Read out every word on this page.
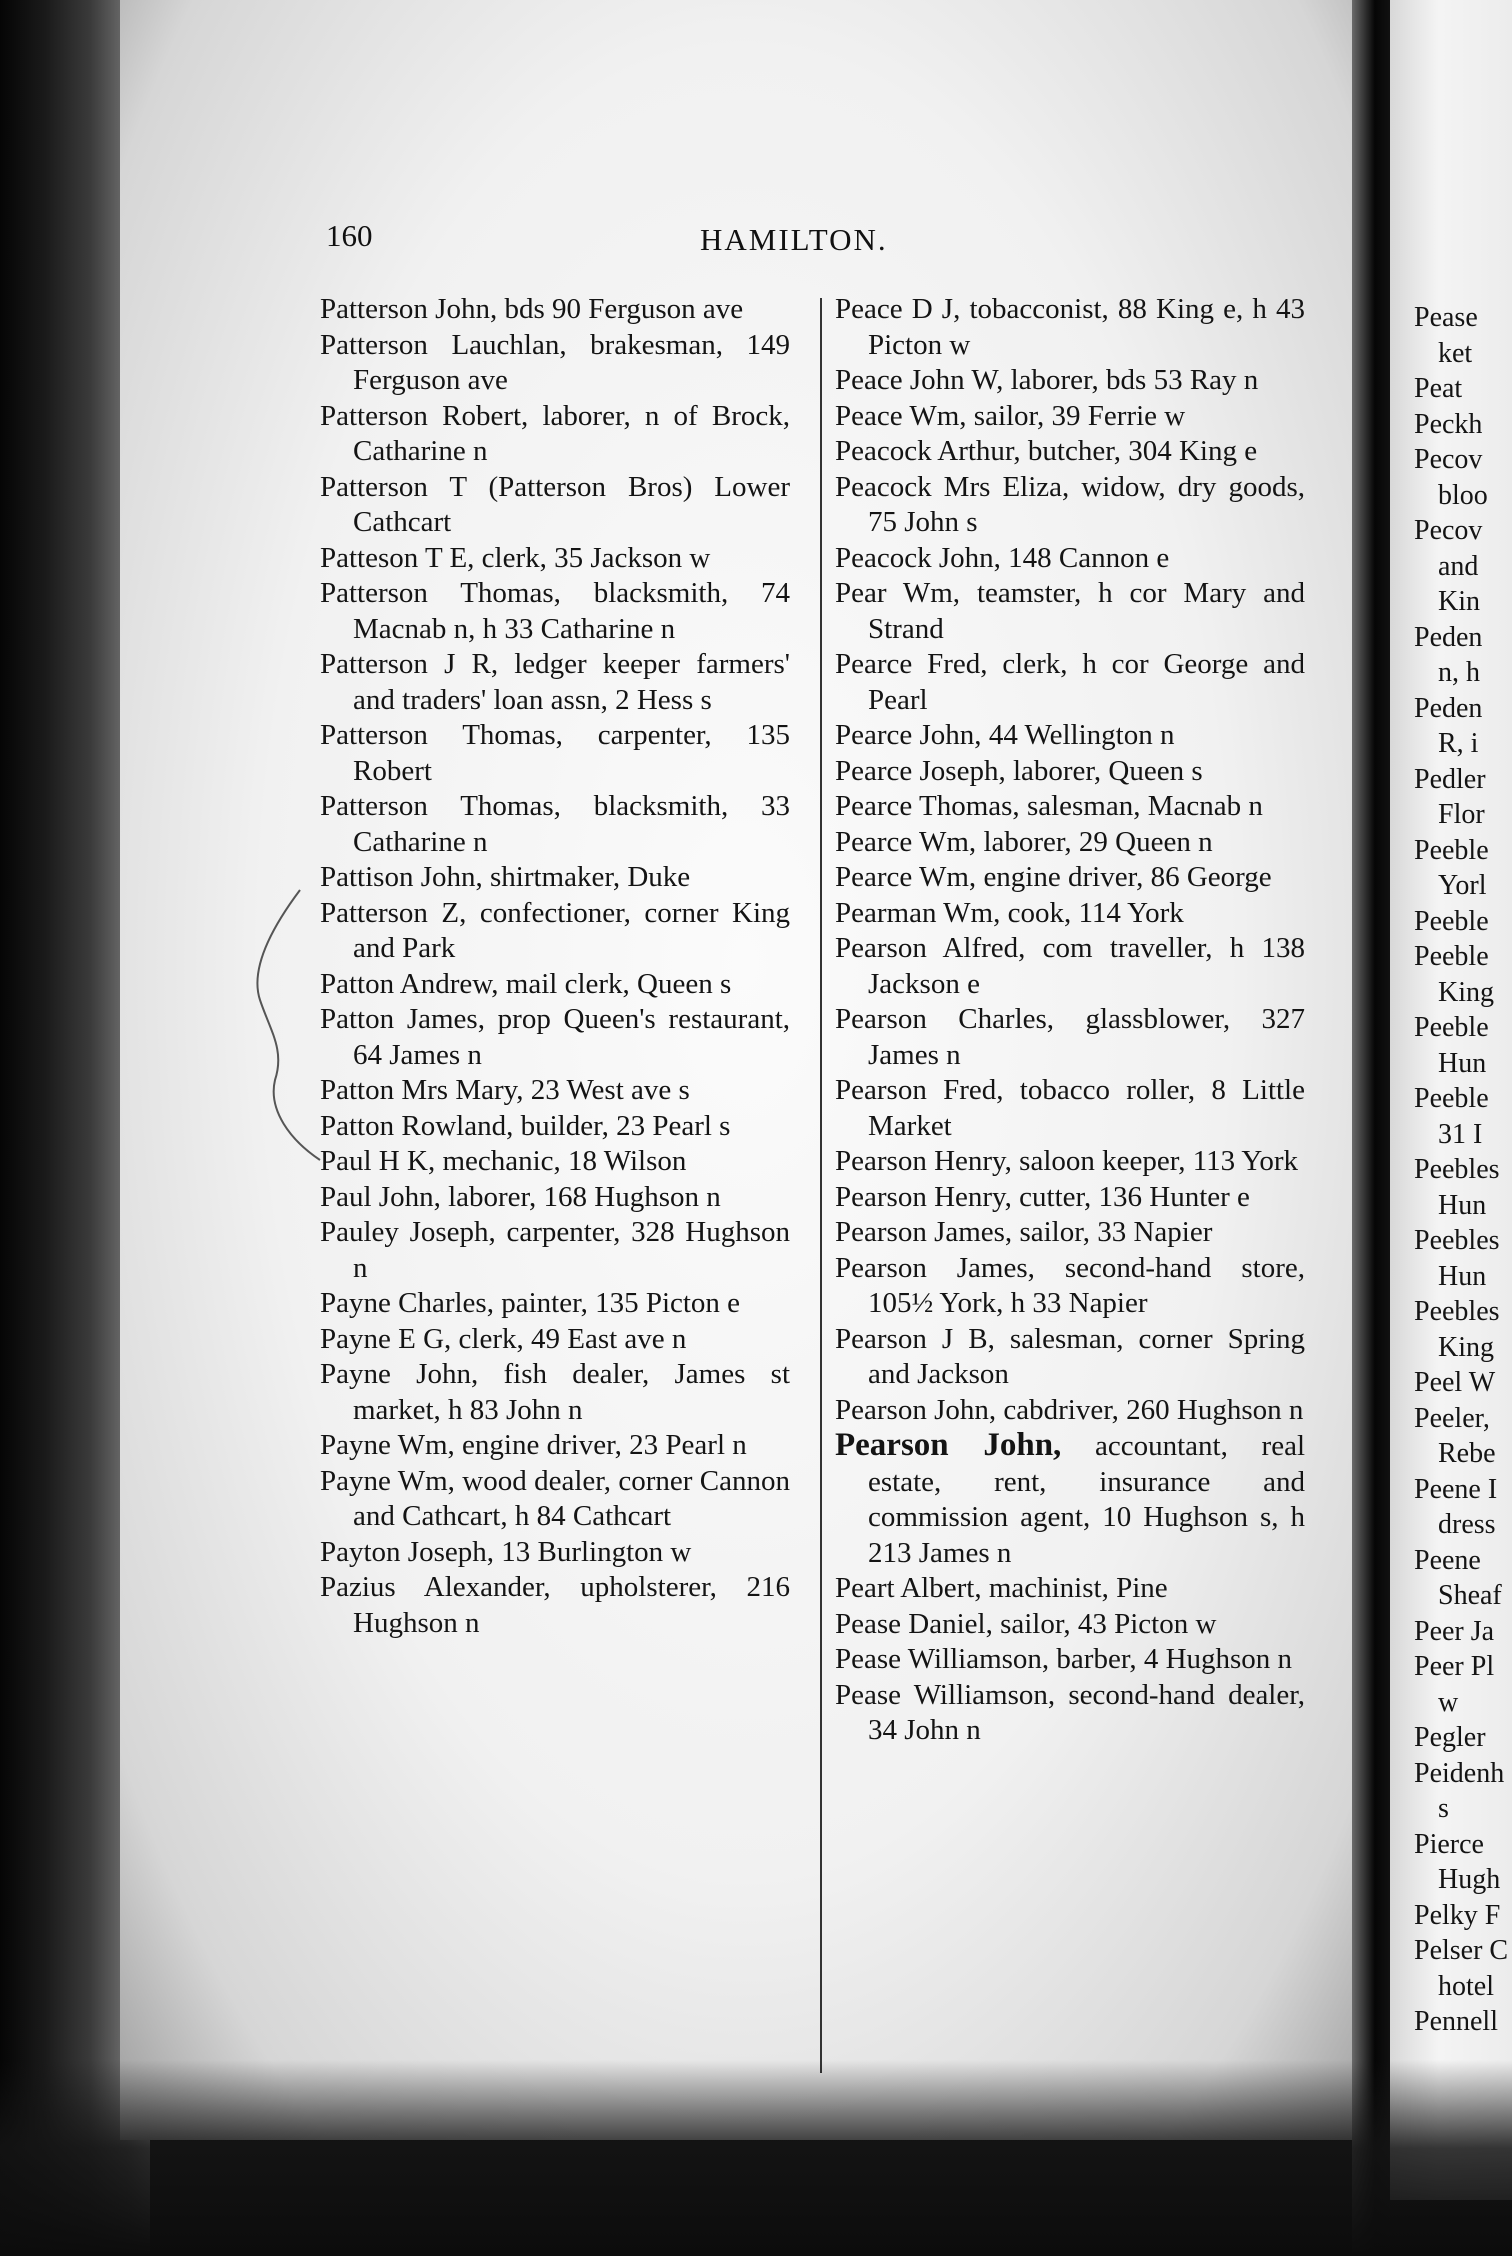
160	HAMILTON.

Patterson John, bds 90 Ferguson ave

Patterson Lauchlan, brakesman, 149 Ferguson ave

Patterson Robert, laborer, n of Brock, Catharine n

Patterson T (Patterson Bros) Lower Cathcart

Patteson T E, clerk, 35 Jackson w

Patterson Thomas, blacksmith, 74 Macnab n, h 33 Catharine n

Patterson J R, ledger keeper farmers' and traders' loan assn, 2 Hess s

Patterson Thomas, carpenter, 135 Robert

Patterson Thomas, blacksmith, 33 Catharine n

Pattison John, shirtmaker, Duke

Patterson Z, confectioner, corner King and Park

Patton Andrew, mail clerk, Queen s

Patton James, prop Queen's restaurant, 64 James n

Patton Mrs Mary, 23 West ave s

Patton Rowland, builder, 23 Pearl s

Paul H K, mechanic, 18 Wilson

Paul John, laborer, 168 Hughson n

Pauley Joseph, carpenter, 328 Hughson n

Payne Charles, painter, 135 Picton e

Payne E G, clerk, 49 East ave n

Payne John, fish dealer, James st market, h 83 John n

Payne Wm, engine driver, 23 Pearl n

Payne Wm, wood dealer, corner Cannon and Cathcart, h 84 Cathcart

Payton Joseph, 13 Burlington w

Pazius Alexander, upholsterer, 216 Hughson n

Peace D J, tobacconist, 88 King e, h 43 Picton w

Peace John W, laborer, bds 53 Ray n

Peace Wm, sailor, 39 Ferrie w

Peacock Arthur, butcher, 304 King e

Peacock Mrs Eliza, widow, dry goods, 75 John s

Peacock John, 148 Cannon e

Pear Wm, teamster, h cor Mary and Strand

Pearce Fred, clerk, h cor George and Pearl

Pearce John, 44 Wellington n

Pearce Joseph, laborer, Queen s

Pearce Thomas, salesman, Macnab n

Pearce Wm, laborer, 29 Queen n

Pearce Wm, engine driver, 86 George

Pearman Wm, cook, 114 York

Pearson Alfred, com traveller, h 138 Jackson e

Pearson Charles, glassblower, 327 James n

Pearson Fred, tobacco roller, 8 Little Market

Pearson Henry, saloon keeper, 113 York

Pearson Henry, cutter, 136 Hunter e

Pearson James, sailor, 33 Napier

Pearson James, second-hand store, 105½ York, h 33 Napier

Pearson J B, salesman, corner Spring and Jackson

Pearson John, cabdriver, 260 Hughson n

Pearson John, accountant, real estate, rent, insurance and commission agent, 10 Hughson s, h 213 James n

Peart Albert, machinist, Pine

Pease Daniel, sailor, 43 Picton w

Pease Williamson, barber, 4 Hughson n

Pease Williamson, second-hand dealer, 34 John n

Pease
ket
Peat
Peckh
Pecov
bloo
Pecov
and
Kin
Peden
n, h
Peden
R, i
Pedler
Flor
Peeble
Yorl
Peeble
Peeble
King
Peeble
Hun
Peeble
31 I
Peebles
Hun
Peebles
Hun
Peebles
King
Peel W
Peeler,
Rebe
Peene I
dress
Peene
Sheaf
Peer Ja
Peer Pl
w
Pegler
Peidenh
s
Pierce
Hugh
Pelky F
Pelser C
hotel
Pennell
